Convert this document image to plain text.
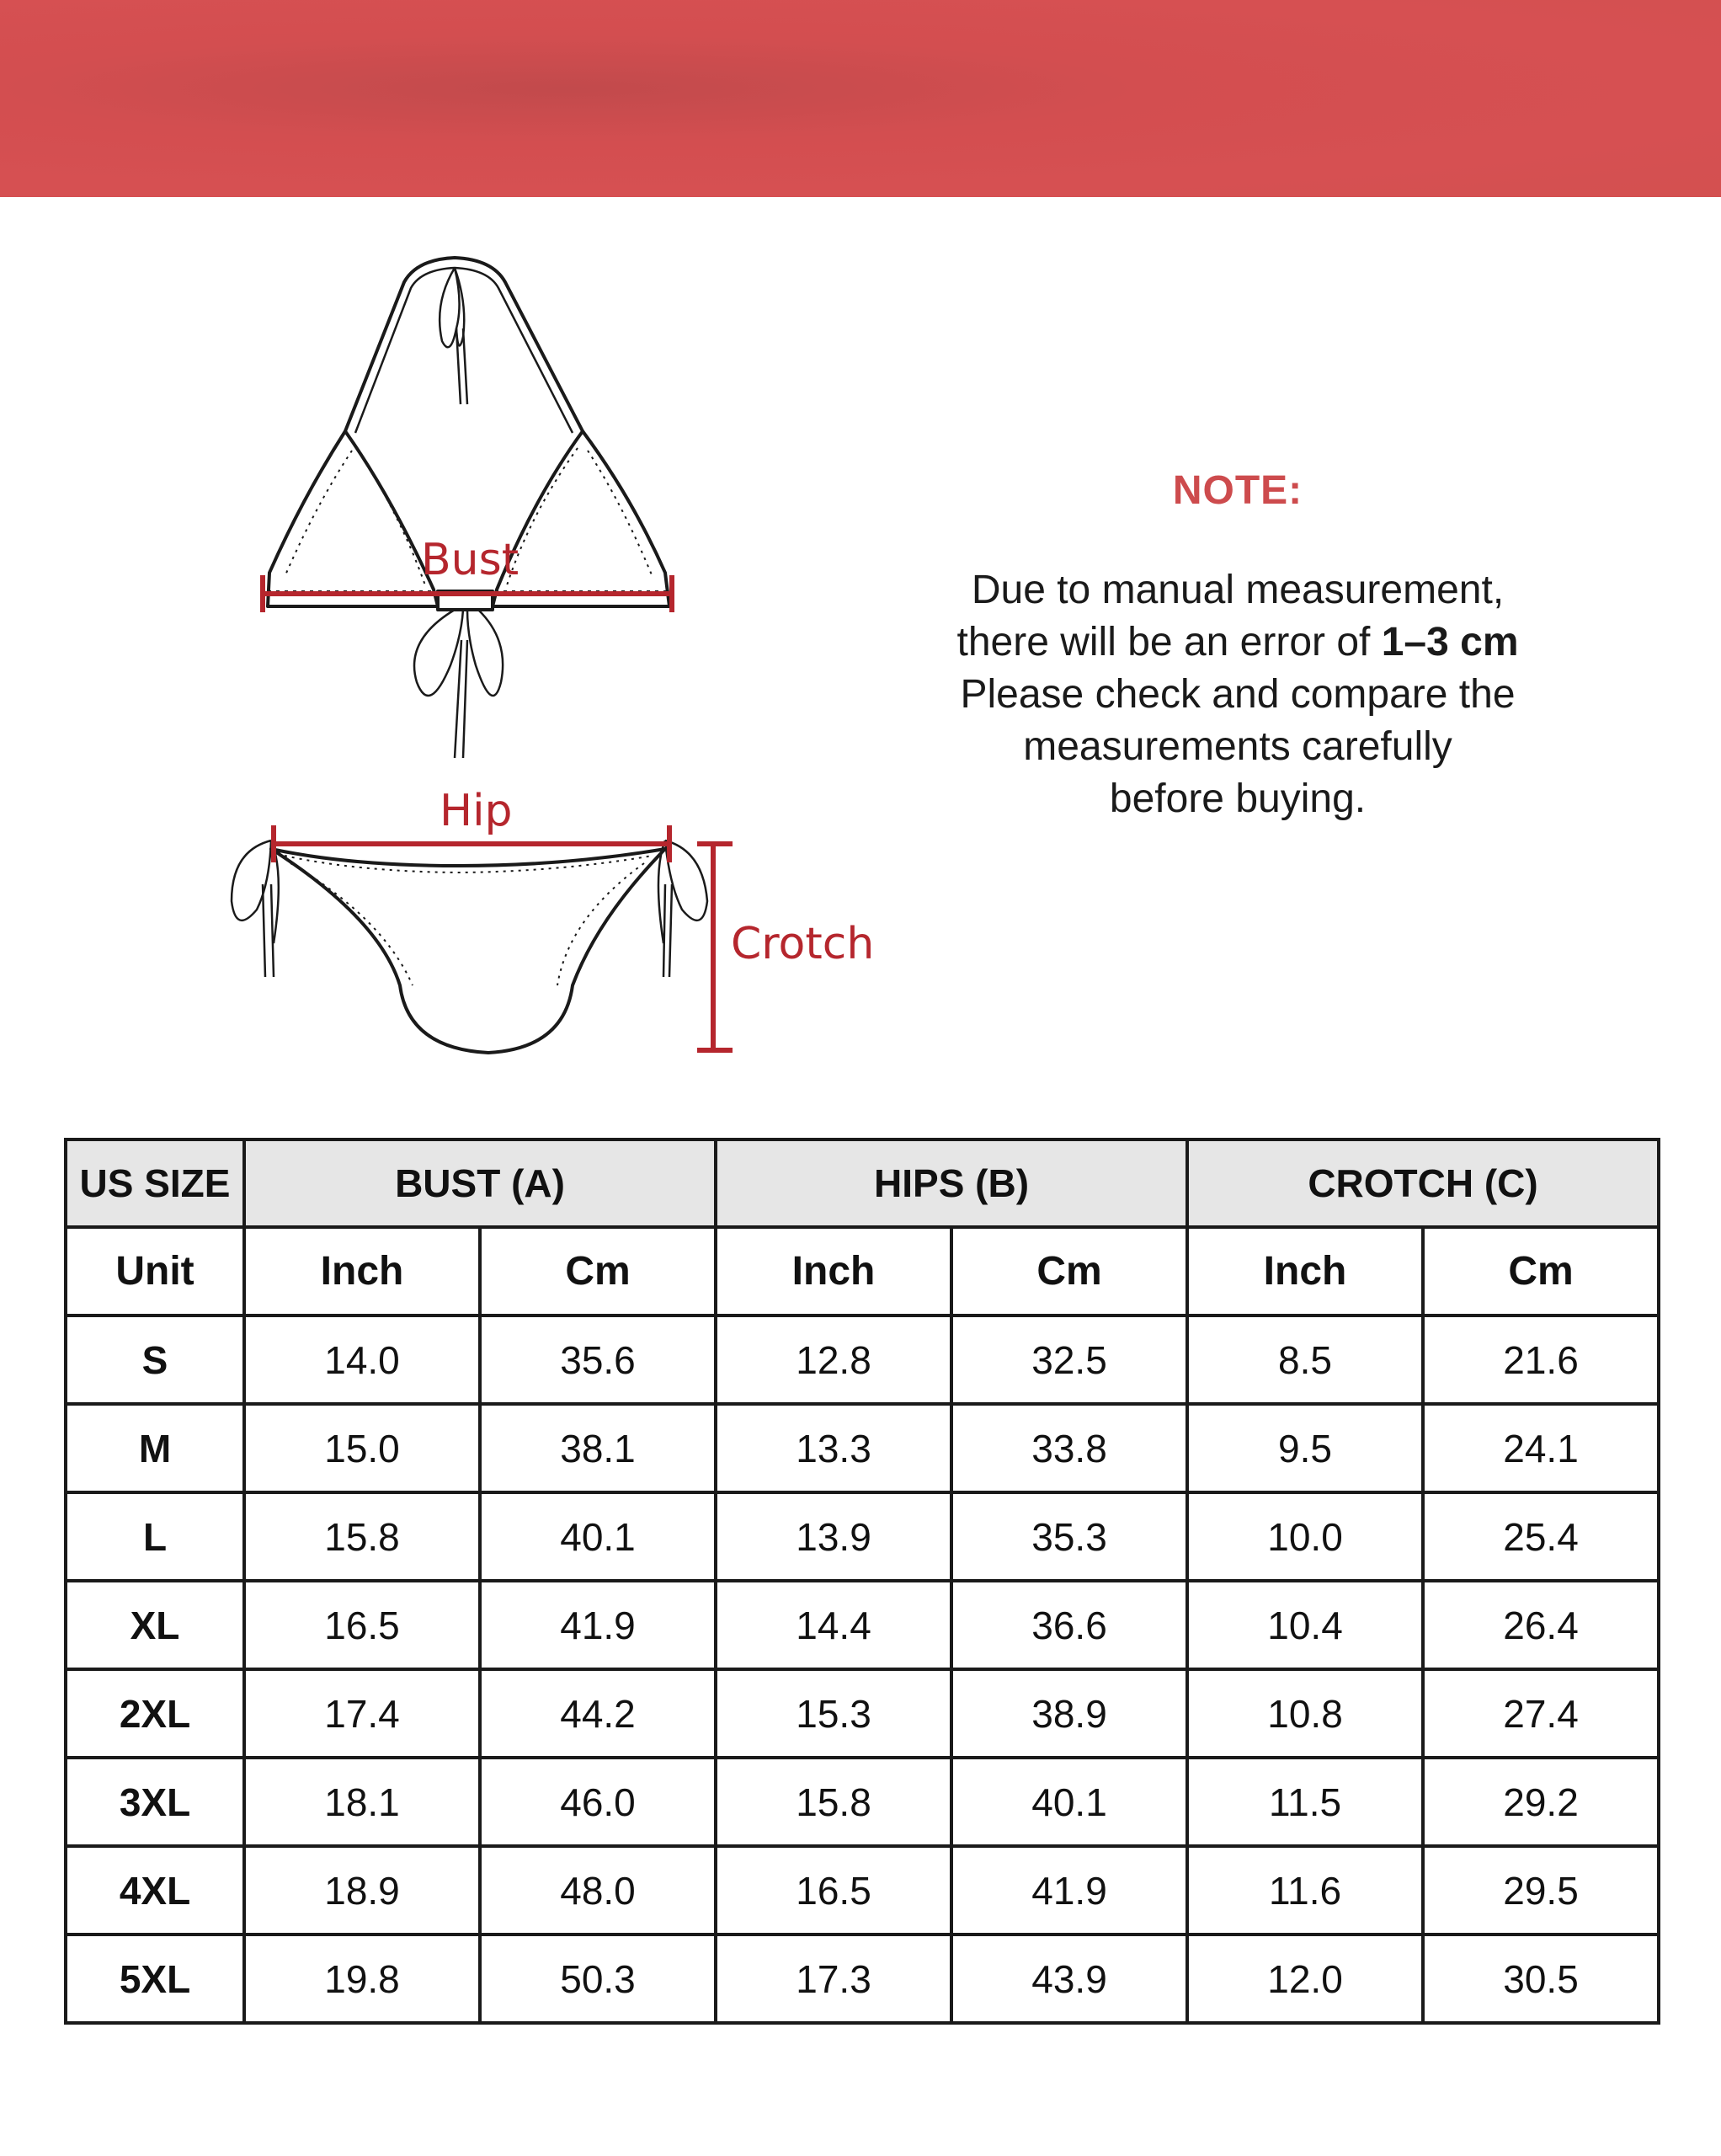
Bust
Hip
Crotch
NOTE:
Due to manual measurement,
there will be an error of 1–3 cm
Please check and compare the
measurements carefully
before buying.
US SIZE	BUST (A)		HIPS (B)		CROTCH (C)	
Unit	Inch	Cm	Inch	Cm	Inch	Cm
S	14.0	35.6	12.8	32.5	8.5	21.6
M	15.0	38.1	13.3	33.8	9.5	24.1
L	15.8	40.1	13.9	35.3	10.0	25.4
XL	16.5	41.9	14.4	36.6	10.4	26.4
2XL	17.4	44.2	15.3	38.9	10.8	27.4
3XL	18.1	46.0	15.8	40.1	11.5	29.2
4XL	18.9	48.0	16.5	41.9	11.6	29.5
5XL	19.8	50.3	17.3	43.9	12.0	30.5
